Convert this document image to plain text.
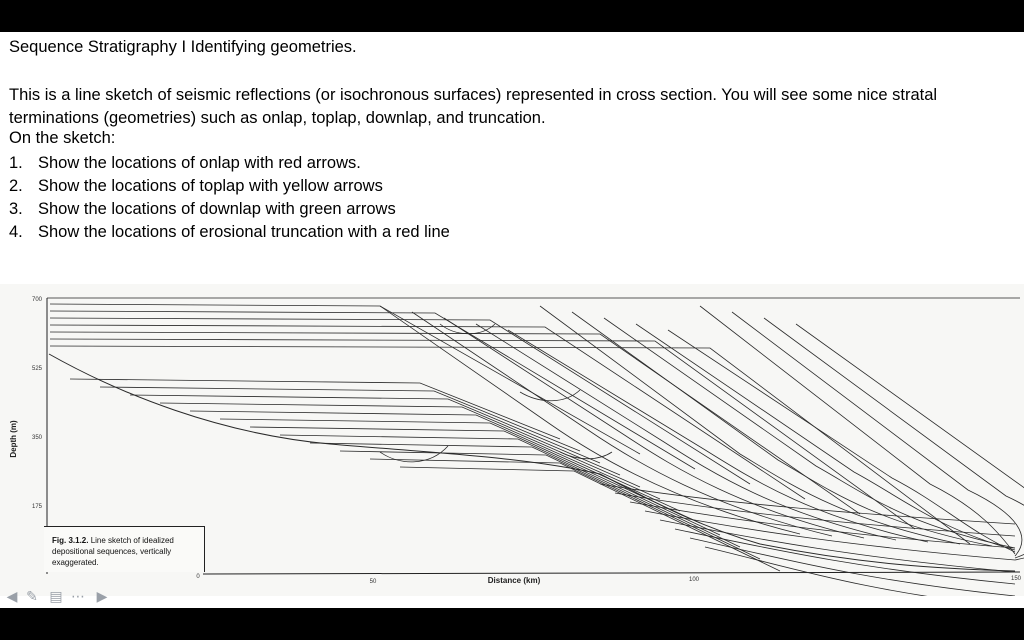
Sequence Stratigraphy I Identifying geometries.

This is a line sketch of seismic reflections (or isochronous surfaces) represented in cross section. You will see some nice stratal terminations (geometries) such as onlap, toplap, downlap, and truncation.

On the sketch:
1. Show the locations of onlap with red arrows.
2. Show the locations of toplap with yellow arrows
3. Show the locations of downlap with green arrows
4. Show the locations of erosional truncation with a red line
700
525
350
175
Depth (m)
0
50	100	150
Distance (km)
Fig. 3.1.2. Line sketch of idealized depositional sequences, vertically exaggerated.
◀ ✎ ▤ ⋯ ▶
